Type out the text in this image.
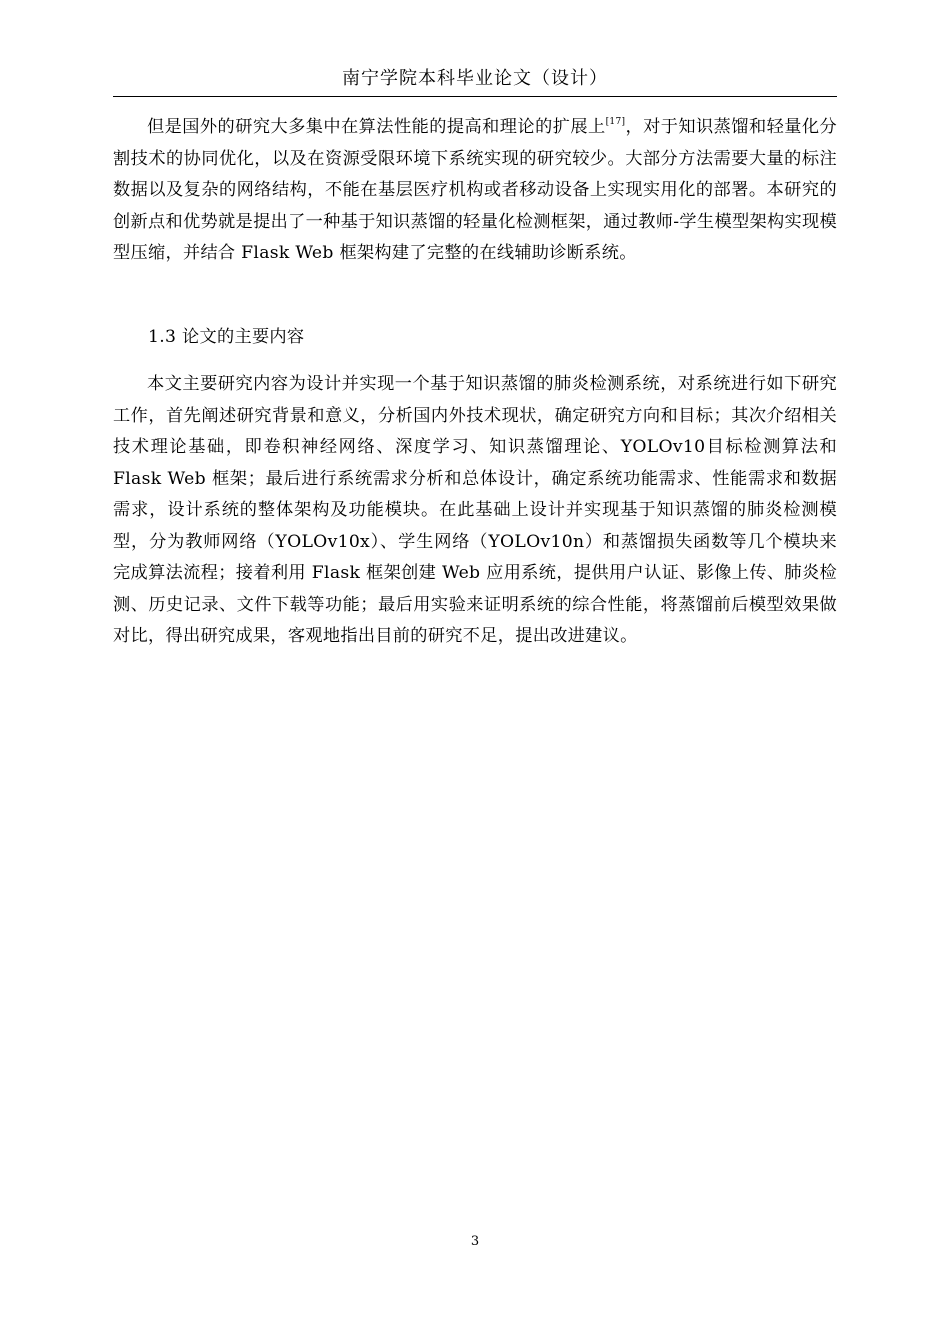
南宁学院本科毕业论文（设计）

但是国外的研究大多集中在算法性能的提高和理论的扩展上[17]，对于知识蒸馏和轻量化分割技术的协同优化，以及在资源受限环境下系统实现的研究较少。大部分方法需要大量的标注数据以及复杂的网络结构，不能在基层医疗机构或者移动设备上实现实用化的部署。本研究的创新点和优势就是提出了一种基于知识蒸馏的轻量化检测框架，通过教师-学生模型架构实现模型压缩，并结合 Flask Web 框架构建了完整的在线辅助诊断系统。

1.3 论文的主要内容

本文主要研究内容为设计并实现一个基于知识蒸馏的肺炎检测系统，对系统进行如下研究工作，首先阐述研究背景和意义，分析国内外技术现状，确定研究方向和目标；其次介绍相关技术理论基础，即卷积神经网络、深度学习、知识蒸馏理论、YOLOv10目标检测算法和 Flask Web 框架；最后进行系统需求分析和总体设计，确定系统功能需求、性能需求和数据需求，设计系统的整体架构及功能模块。在此基础上设计并实现基于知识蒸馏的肺炎检测模型，分为教师网络（YOLOv10x）、学生网络（YOLOv10n）和蒸馏损失函数等几个模块来完成算法流程；接着利用 Flask 框架创建 Web 应用系统，提供用户认证、影像上传、肺炎检测、历史记录、文件下载等功能；最后用实验来证明系统的综合性能，将蒸馏前后模型效果做对比，得出研究成果，客观地指出目前的研究不足，提出改进建议。

3
